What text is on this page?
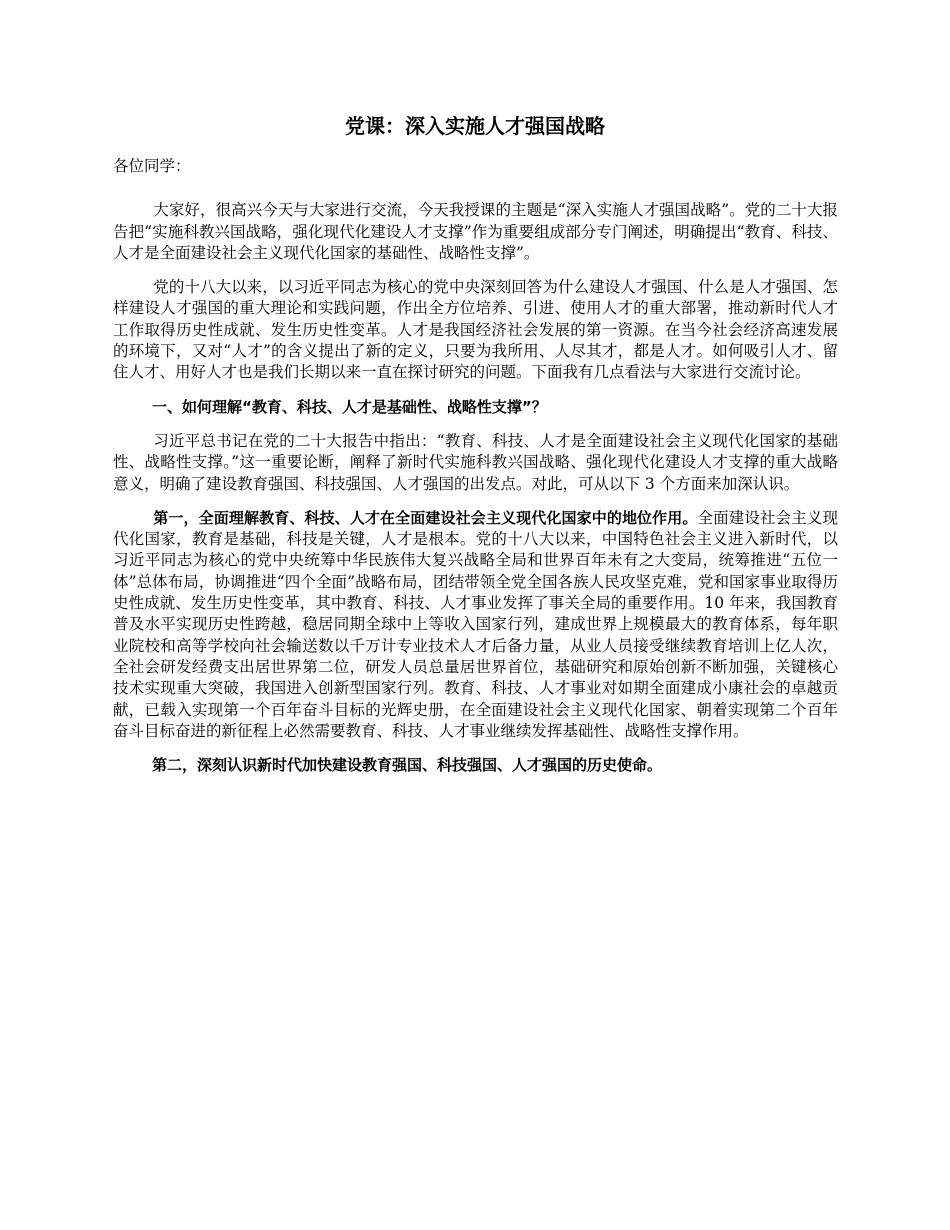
党课：深入实施人才强国战略

各位同学：

大家好，很高兴今天与大家进行交流，今天我授课的主题是“深入实施人才强国战略”。党的二十大报告把“实施科教兴国战略，强化现代化建设人才支撑”作为重要组成部分专门阐述，明确提出“教育、科技、人才是全面建设社会主义现代化国家的基础性、战略性支撑”。

党的十八大以来，以习近平同志为核心的党中央深刻回答为什么建设人才强国、什么是人才强国、怎样建设人才强国的重大理论和实践问题，作出全方位培养、引进、使用人才的重大部署，推动新时代人才工作取得历史性成就、发生历史性变革。人才是我国经济社会发展的第一资源。在当今社会经济高速发展的环境下，又对“人才”的含义提出了新的定义，只要为我所用、人尽其才，都是人才。如何吸引人才、留住人才、用好人才也是我们长期以来一直在探讨研究的问题。下面我有几点看法与大家进行交流讨论。

一、如何理解“教育、科技、人才是基础性、战略性支撑”？

习近平总书记在党的二十大报告中指出：“教育、科技、人才是全面建设社会主义现代化国家的基础性、战略性支撑。”这一重要论断，阐释了新时代实施科教兴国战略、强化现代化建设人才支撑的重大战略意义，明确了建设教育强国、科技强国、人才强国的出发点。对此，可从以下 3 个方面来加深认识。

第一，全面理解教育、科技、人才在全面建设社会主义现代化国家中的地位作用。全面建设社会主义现代化国家，教育是基础，科技是关键，人才是根本。党的十八大以来，中国特色社会主义进入新时代，以习近平同志为核心的党中央统筹中华民族伟大复兴战略全局和世界百年未有之大变局，统筹推进“五位一体”总体布局，协调推进“四个全面”战略布局，团结带领全党全国各族人民攻坚克难，党和国家事业取得历史性成就、发生历史性变革，其中教育、科技、人才事业发挥了事关全局的重要作用。10 年来，我国教育普及水平实现历史性跨越，稳居同期全球中上等收入国家行列，建成世界上规模最大的教育体系，每年职业院校和高等学校向社会输送数以千万计专业技术人才后备力量，从业人员接受继续教育培训上亿人次，全社会研发经费支出居世界第二位，研发人员总量居世界首位，基础研究和原始创新不断加强，关键核心技术实现重大突破，我国进入创新型国家行列。教育、科技、人才事业对如期全面建成小康社会的卓越贡献，已载入实现第一个百年奋斗目标的光辉史册，在全面建设社会主义现代化国家、朝着实现第二个百年奋斗目标奋进的新征程上必然需要教育、科技、人才事业继续发挥基础性、战略性支撑作用。

第二，深刻认识新时代加快建设教育强国、科技强国、人才强国的历史使命。
